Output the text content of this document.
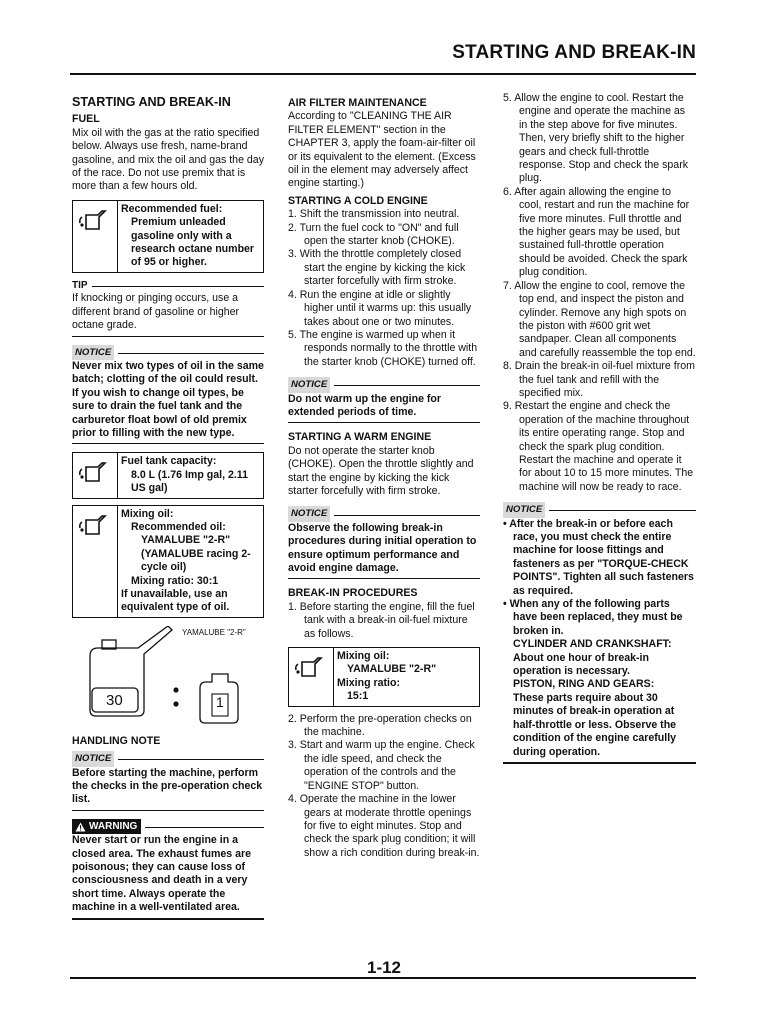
STARTING AND BREAK-IN
STARTING AND BREAK-IN
FUEL

Mix oil with the gas at the ratio specified below. Always use fresh, name-brand gasoline, and mix the oil and gas the day of the race. Do not use premix that is more than a few hours old.

Recommended fuel:
Premium unleaded gasoline only with a research octane number of 95 or higher.
TIP

If knocking or pinging occurs, use a different brand of gasoline or higher octane grade.

NOTICE

Never mix two types of oil in the same batch; clotting of the oil could result. If you wish to change oil types, be sure to drain the fuel tank and the carburetor float bowl of old premix prior to filling with the new type.

Fuel tank capacity:
8.0 L (1.76 Imp gal, 2.11 US gal)
Mixing oil:
Recommended oil:
YAMALUBE "2-R"
(YAMALUBE racing 2-cycle oil)
Mixing ratio: 30:1
If unavailable, use an equivalent type of oil.
YAMALUBE "2-R"
30	1
HANDLING NOTE
NOTICE

Before starting the machine, perform the checks in the pre-operation check list.

WARNING

Never start or run the engine in a closed area. The exhaust fumes are poisonous; they can cause loss of consciousness and death in a very short time. Always operate the machine in a well-ventilated area.

AIR FILTER MAINTENANCE

According to "CLEANING THE AIR FILTER ELEMENT" section in the CHAPTER 3, apply the foam-air-filter oil or its equivalent to the element. (Excess oil in the element may adversely affect engine starting.)

STARTING A COLD ENGINE
1. Shift the transmission into neutral.
2. Turn the fuel cock to "ON" and full open the starter knob (CHOKE).
3. With the throttle completely closed start the engine by kicking the kick starter forcefully with firm stroke.
4. Run the engine at idle or slightly higher until it warms up: this usually takes about one or two minutes.
5. The engine is warmed up when it responds normally to the throttle with the starter knob (CHOKE) turned off.
NOTICE

Do not warm up the engine for extended periods of time.

STARTING A WARM ENGINE

Do not operate the starter knob (CHOKE). Open the throttle slightly and start the engine by kicking the kick starter forcefully with firm stroke.

NOTICE

Observe the following break-in procedures during initial operation to ensure optimum performance and avoid engine damage.

BREAK-IN PROCEDURES

1. Before starting the engine, fill the fuel tank with a break-in oil-fuel mixture as follows.

Mixing oil:
YAMALUBE "2-R"
Mixing ratio:
15:1
2. Perform the pre-operation checks on the machine.
3. Start and warm up the engine. Check the idle speed, and check the operation of the controls and the "ENGINE STOP" button.
4. Operate the machine in the lower gears at moderate throttle openings for five to eight minutes. Stop and check the spark plug condition; it will show a rich condition during break-in.
5. Allow the engine to cool. Restart the engine and operate the machine as in the step above for five minutes. Then, very briefly shift to the higher gears and check full-throttle response. Stop and check the spark plug.
6. After again allowing the engine to cool, restart and run the machine for five more minutes. Full throttle and the higher gears may be used, but sustained full-throttle operation should be avoided. Check the spark plug condition.
7. Allow the engine to cool, remove the top end, and inspect the piston and cylinder. Remove any high spots on the piston with #600 grit wet sandpaper. Clean all components and carefully reassemble the top end.
8. Drain the break-in oil-fuel mixture from the fuel tank and refill with the specified mix.
9. Restart the engine and check the operation of the machine throughout its entire operating range. Stop and check the spark plug condition. Restart the machine and operate it for about 10 to 15 more minutes. The machine will now be ready to race.
NOTICE

• After the break-in or before each race, you must check the entire machine for loose fittings and fasteners as per "TORQUE-CHECK POINTS". Tighten all such fasteners as required.

• When any of the following parts have been replaced, they must be broken in.

CYLINDER AND CRANKSHAFT:

About one hour of break-in operation is necessary.

PISTON, RING AND GEARS:

These parts require about 30 minutes of break-in operation at half-throttle or less. Observe the condition of the engine carefully during operation.

1-12
